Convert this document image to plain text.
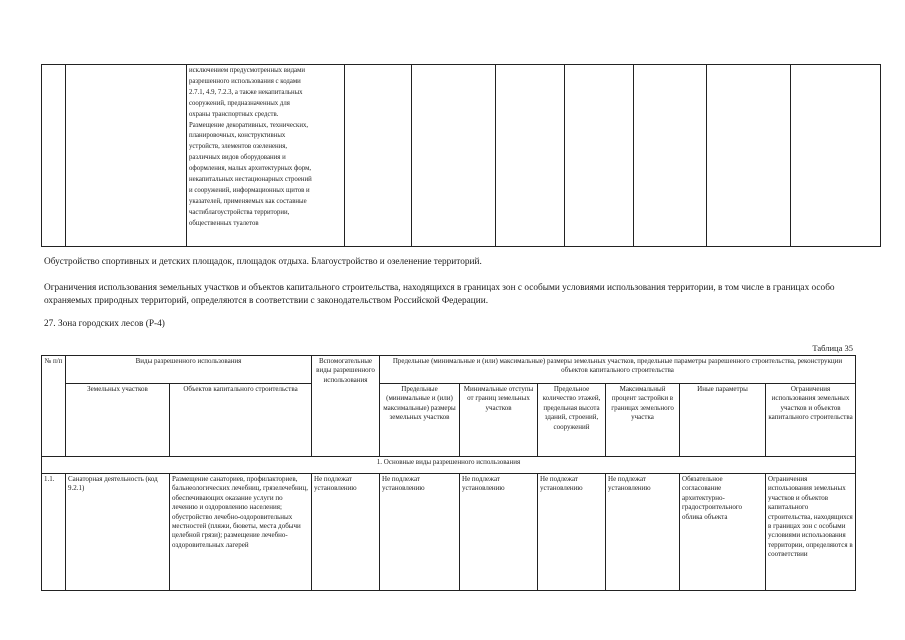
исключением предусмотренных видами
разрешенного использования с кодами
2.7.1, 4.9, 7.2.3, а также некапитальных
сооружений, предназначенных для
охраны транспортных средств.
Размещение декоративных, технических,
планировочных, конструктивных
устройств, элементов озеленения,
различных видов оборудования и
оформления, малых архитектурных форм,
некапитальных нестационарных строений
и сооружений, информационных щитов и
указателей, применяемых как составные
частиблагоустройства территории,
общественных туалетов

Обустройство спортивных и детских площадок, площадок отдыха. Благоустройство и озеленение территорий.

Ограничения использования земельных участков и объектов капитального строительства, находящихся в границах зон с особыми условиями использования территории, в том числе в границах особо охраняемых природных территорий, определяются в соответствии с законодательством Российской Федерации.

27. Зона городских лесов (Р-4)

Таблица 35
№ п/п	Виды разрешенного использования		Вспомогательные виды разрешенного использования	Предельные (минимальные и (или) максимальные) размеры земельных участков, предельные параметры разрешенного строительства, реконструкции объектов капитального строительства					
	Земельных участков	Объектов капитального строительства		Предельные (минимальные и (или) максимальные) размеры земельных участков	Минимальные отступы от границ земельных участков	Предельное количество этажей, предельная высота зданий, строений, сооружений	Максимальный процент застройки в границах земельного участка	Иные параметры	Ограничения использования земельных участков и объектов капитального строительства
1. Основные виды разрешенного использования									
1.1.	Санаторная деятельность (код 9.2.1)	Размещение санаториев, профилакториев, бальнеологических лечебниц, грязелечебниц, обеспечивающих оказание услуги по лечению и оздоровлению населения; обустройство лечебно-оздоровительных местностей (пляжи, бюветы, места добычи целебной грязи); размещение лечебно-оздоровительных лагерей	Не подлежат установлению	Не подлежат установлению	Не подлежат установлению	Не подлежат установлению	Не подлежат установлению	Обязательное согласование архитектурно-градостроительного облика объекта	Ограничения использования земельных участков и объектов капитального строительства, находящихся в границах зон с особыми условиями использования территории, определяются в соответствии
